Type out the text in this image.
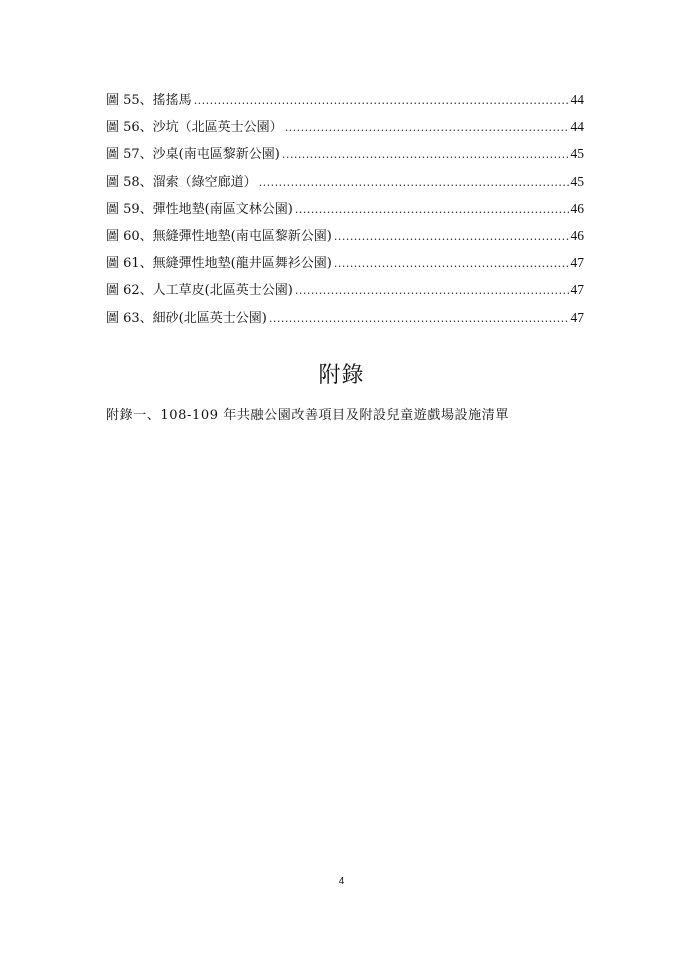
圖 55、搖搖馬 .....	44
圖 56、沙坑（北區英士公園） .....	44
圖 57、沙桌(南屯區黎新公園) .....	45
圖 58、溜索（綠空廊道） .....	45
圖 59、彈性地墊(南區文林公園) .....	46
圖 60、無縫彈性地墊(南屯區黎新公園) .....	46
圖 61、無縫彈性地墊(龍井區舞衫公園) .....	47
圖 62、人工草皮(北區英士公園) .....	47
圖 63、細砂(北區英士公園) .....	47
附錄
附錄一、108-109 年共融公園改善項目及附設兒童遊戲場設施清單
4
